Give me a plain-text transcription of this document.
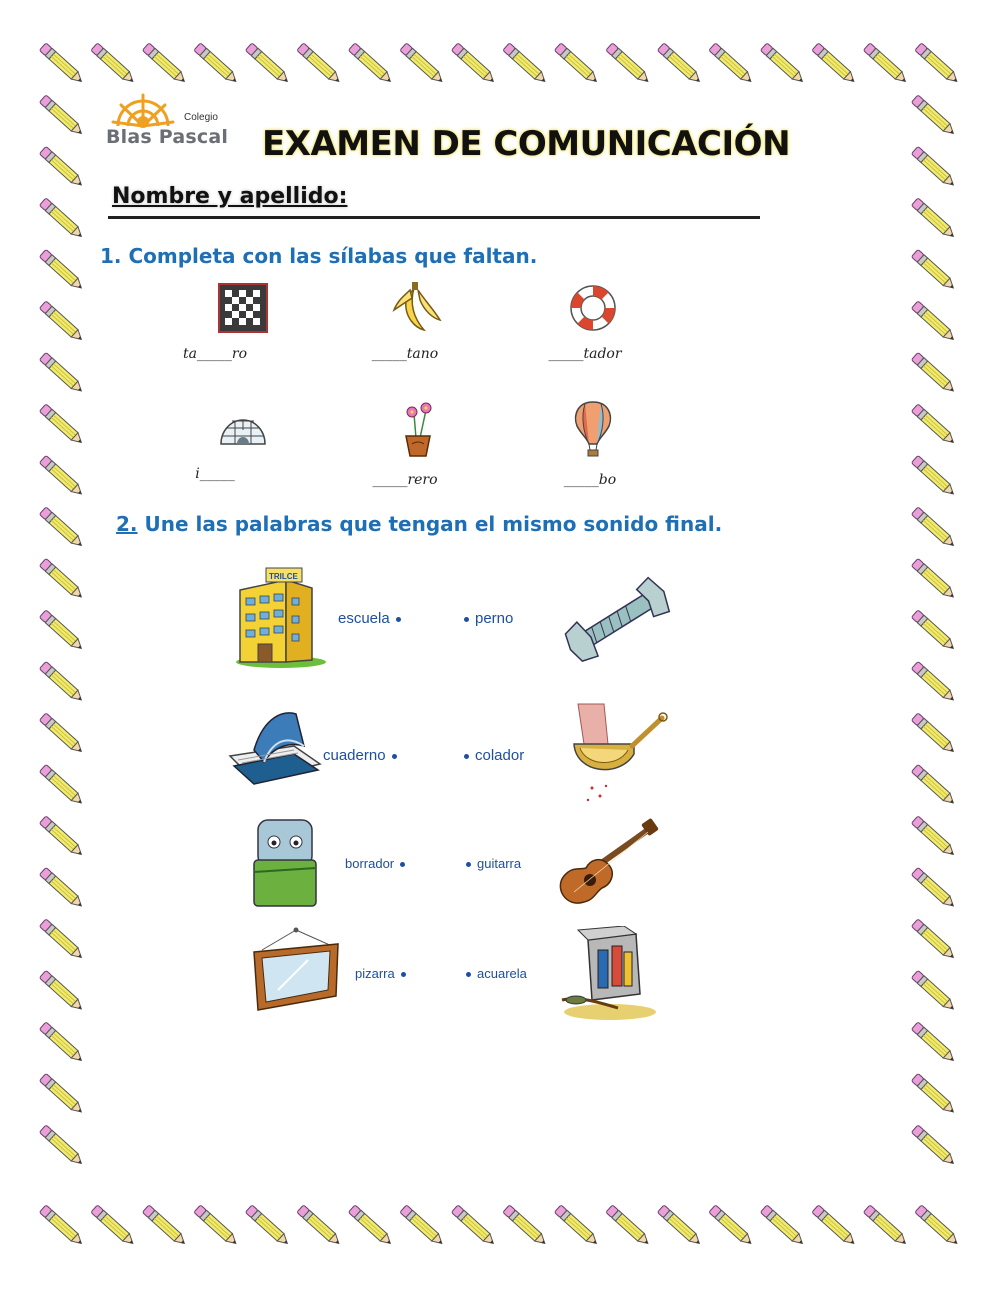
Colegio
Blas Pascal EXAMEN DE COMUNICACIÓN
Nombre y apellido:
1. Completa con las sílabas que faltan.
ta_____ro	_____tano	_____tador
i_____	_____rero	_____bo
2. Une las palabras que tengan el mismo sonido final.
TRILCE
escuela	perno
cuaderno	colador
borrador	guitarra
pizarra	acuarela
